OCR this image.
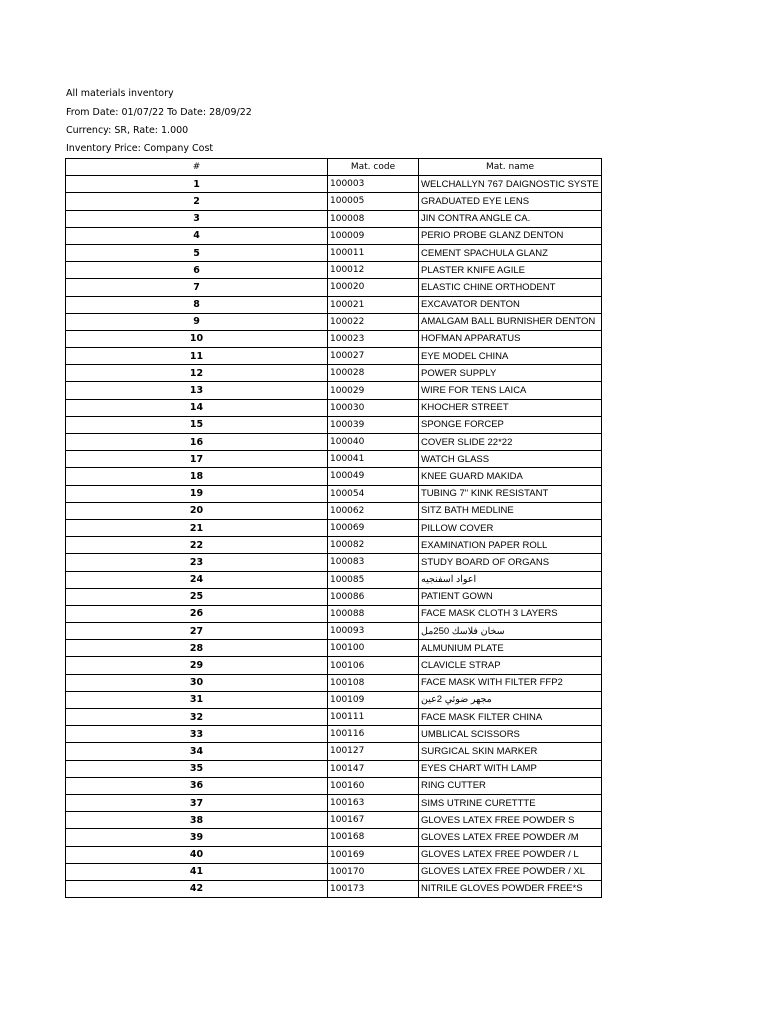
All materials inventory
From Date: 01/07/22 To Date: 28/09/22
Currency: SR, Rate: 1.000
Inventory Price: Company Cost
#	Mat. code	Mat. name
1	100003	WELCHALLYN 767 DAIGNOSTIC SYSTE
2	100005	GRADUATED EYE LENS
3	100008	JIN CONTRA ANGLE CA.
4	100009	PERIO PROBE GLANZ DENTON
5	100011	CEMENT SPACHULA GLANZ
6	100012	PLASTER KNIFE AGILE
7	100020	ELASTIC CHINE ORTHODENT
8	100021	EXCAVATOR DENTON
9	100022	AMALGAM BALL BURNISHER DENTON
10	100023	HOFMAN APPARATUS
11	100027	EYE MODEL CHINA
12	100028	POWER SUPPLY
13	100029	WIRE FOR TENS LAICA
14	100030	KHOCHER STREET
15	100039	SPONGE FORCEP
16	100040	COVER SLIDE 22*22
17	100041	WATCH GLASS
18	100049	KNEE GUARD MAKIDA
19	100054	TUBING 7" KINK RESISTANT
20	100062	SITZ BATH MEDLINE
21	100069	PILLOW COVER
22	100082	EXAMINATION PAPER ROLL
23	100083	STUDY BOARD OF ORGANS
24	100085	اعواد اسفنجيه
25	100086	PATIENT GOWN
26	100088	FACE MASK CLOTH 3 LAYERS
27	100093	سخان فلاسك 250مل
28	100100	ALMUNIUM PLATE
29	100106	CLAVICLE STRAP
30	100108	FACE MASK WITH FILTER FFP2
31	100109	مجهر ضوئي 2عين
32	100111	FACE MASK FILTER CHINA
33	100116	UMBLICAL SCISSORS
34	100127	SURGICAL SKIN MARKER
35	100147	EYES CHART WITH LAMP
36	100160	RING CUTTER
37	100163	SIMS UTRINE CURETTTE
38	100167	GLOVES LATEX FREE POWDER S
39	100168	GLOVES LATEX FREE POWDER /M
40	100169	GLOVES LATEX FREE POWDER / L
41	100170	GLOVES LATEX FREE POWDER / XL
42	100173	NITRILE GLOVES POWDER FREE*S
